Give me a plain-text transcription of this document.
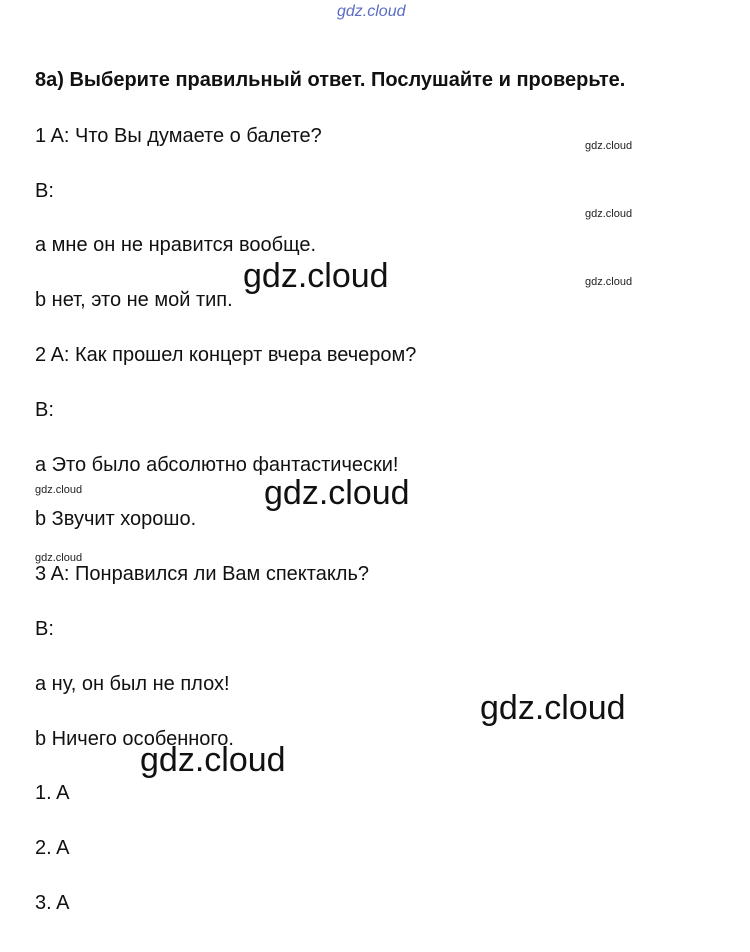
gdz.cloud
8a) Выберите правильный ответ. Послушайте и проверьте.
1 A: Что Вы думаете о балете?
B:
a мне он не нравится вообще.
b нет, это не мой тип.
2 A: Как прошел концерт вчера вечером?
B:
a Это было абсолютно фантастически!
b Звучит хорошо.
3 A: Понравился ли Вам спектакль?
B:
a ну, он был не плох!
b Ничего особенного.
1. A
2. A
3. A
gdz.cloud
gdz.cloud
gdz.cloud
gdz.cloud
gdz.cloud
gdz.cloud
gdz.cloud
gdz.cloud
gdz.cloud
